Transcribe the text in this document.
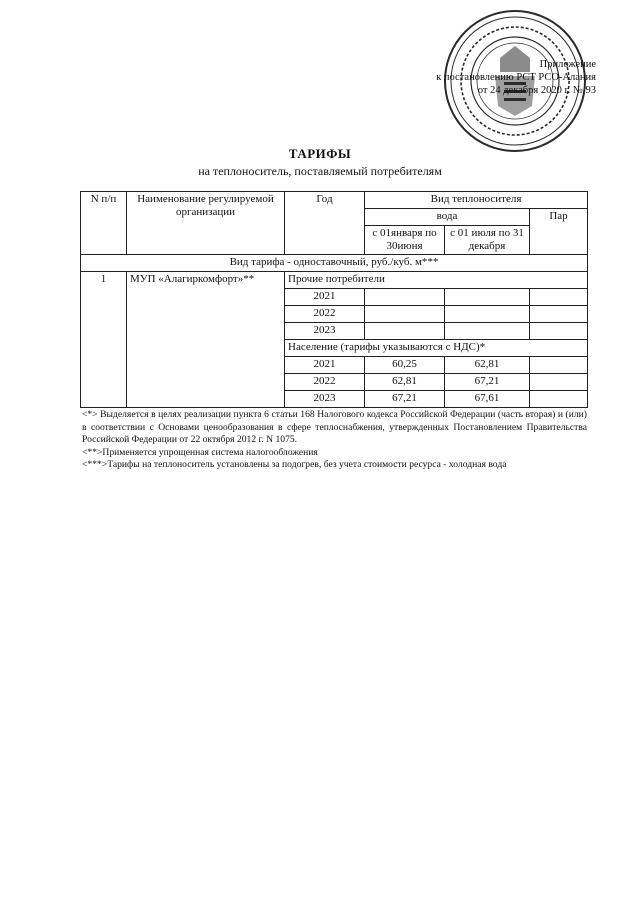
Приложение
к постановлению РСТ РСО-Алания
от 24 декабря 2020 г. № 93
ТАРИФЫ
на теплоноситель, поставляемый потребителям
N п/п	Наименование регулируемой организации	Год	Вид теплоносителя		
			вода		Пар
			с 01января по 30июня	с 01 июля по 31 декабря	
Вид тарифа - одноставочный, руб./куб. м***					
1	МУП «Алагиркомфорт»**	Прочие потребители			
		2021			
		2022			
		2023			
		Население (тарифы указываются с НДС)*			
		2021	60,25	62,81	
		2022	62,81	67,21	
		2023	67,21	67,61	

<*> Выделяется в целях реализации пункта 6 статьи 168 Налогового кодекса Российской Федерации (часть вторая) и (или) в соответствии с Основами ценообразования в сфере теплоснабжения, утвержденных Постановлением Правительства Российской Федерации от 22 октября 2012 г. N 1075.

<**>Применяется упрощенная система налогообложения

<***>Тарифы на теплоноситель установлены за подогрев, без учета стоимости ресурса - холодная вода
